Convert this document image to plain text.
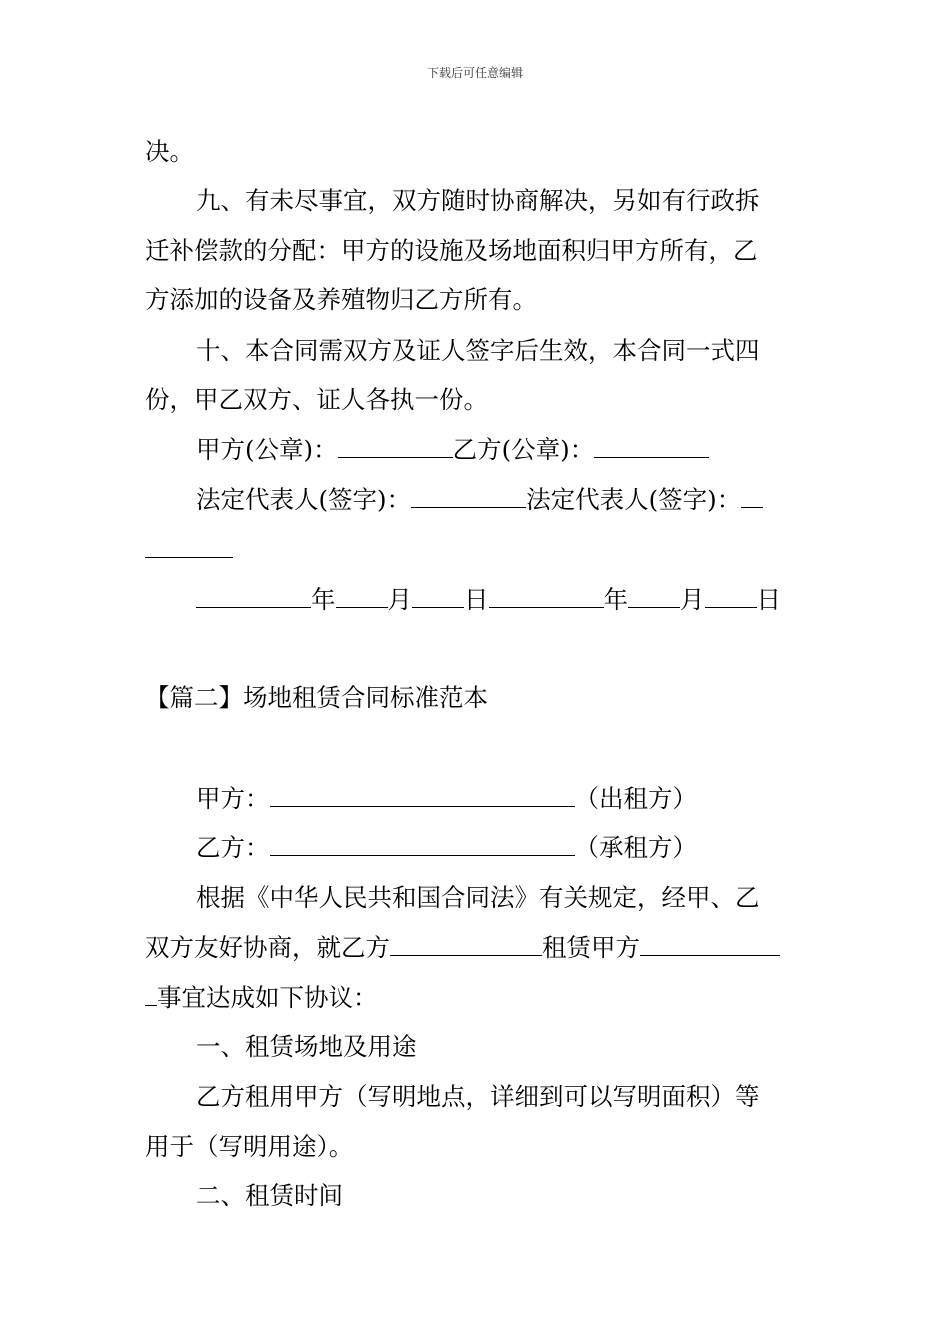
下载后可任意编辑
决。
九、有未尽事宜，双方随时协商解决，另如有行政拆
迁补偿款的分配：甲方的设施及场地面积归甲方所有，乙
方添加的设备及养殖物归乙方所有。
十、本合同需双方及证人签字后生效，本合同一式四
份，甲乙双方、证人各执一份。
甲方(公章)：	乙方(公章)：
法定代表人(签字)：	法定代表人(签字)：
年 月 日	年 月 日
【篇二】场地租赁合同标准范本
甲方：	（出租方）
乙方：	（承租方）
根据《中华人民共和国合同法》有关规定，经甲、乙
双方友好协商，就乙方	租赁甲方
事宜达成如下协议：
一、租赁场地及用途
乙方租用甲方（写明地点，详细到可以写明面积）等
用于（写明用途）。
二、租赁时间
